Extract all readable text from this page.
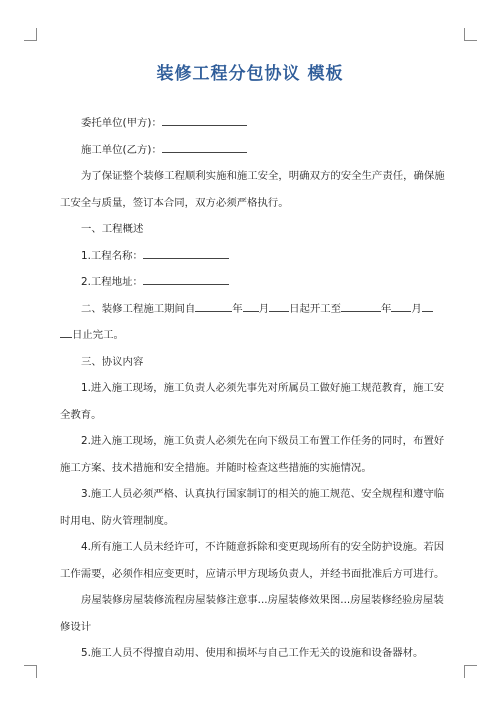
装修工程分包协议 模板

委托单位(甲方)：

施工单位(乙方)：

为了保证整个装修工程顺利实施和施工安全，明确双方的安全生产责任，确保施工安全与质量，签订本合同，双方必须严格执行。

一、工程概述

1.工程名称：

2.工程地址：

二、装修工程施工期间自	年 月 日起开工至	年 月
日止完工。

三、协议内容

1.进入施工现场，施工负责人必须先事先对所属员工做好施工规范教育，施工安全教育。

2.进入施工现场，施工负责人必须先在向下级员工布置工作任务的同时，布置好施工方案、技术措施和安全措施。并随时检查这些措施的实施情况。

3.施工人员必须严格、认真执行国家制订的相关的施工规范、安全规程和遵守临时用电、防火管理制度。

4.所有施工人员未经许可，不许随意拆除和变更现场所有的安全防护设施。若因工作需要，必须作相应变更时，应请示甲方现场负责人，并经书面批准后方可进行。

房屋装修房屋装修流程房屋装修注意事...房屋装修效果图...房屋装修经验房屋装修设计

5.施工人员不得擅自动用、使用和损坏与自己工作无关的设施和设备器材。
